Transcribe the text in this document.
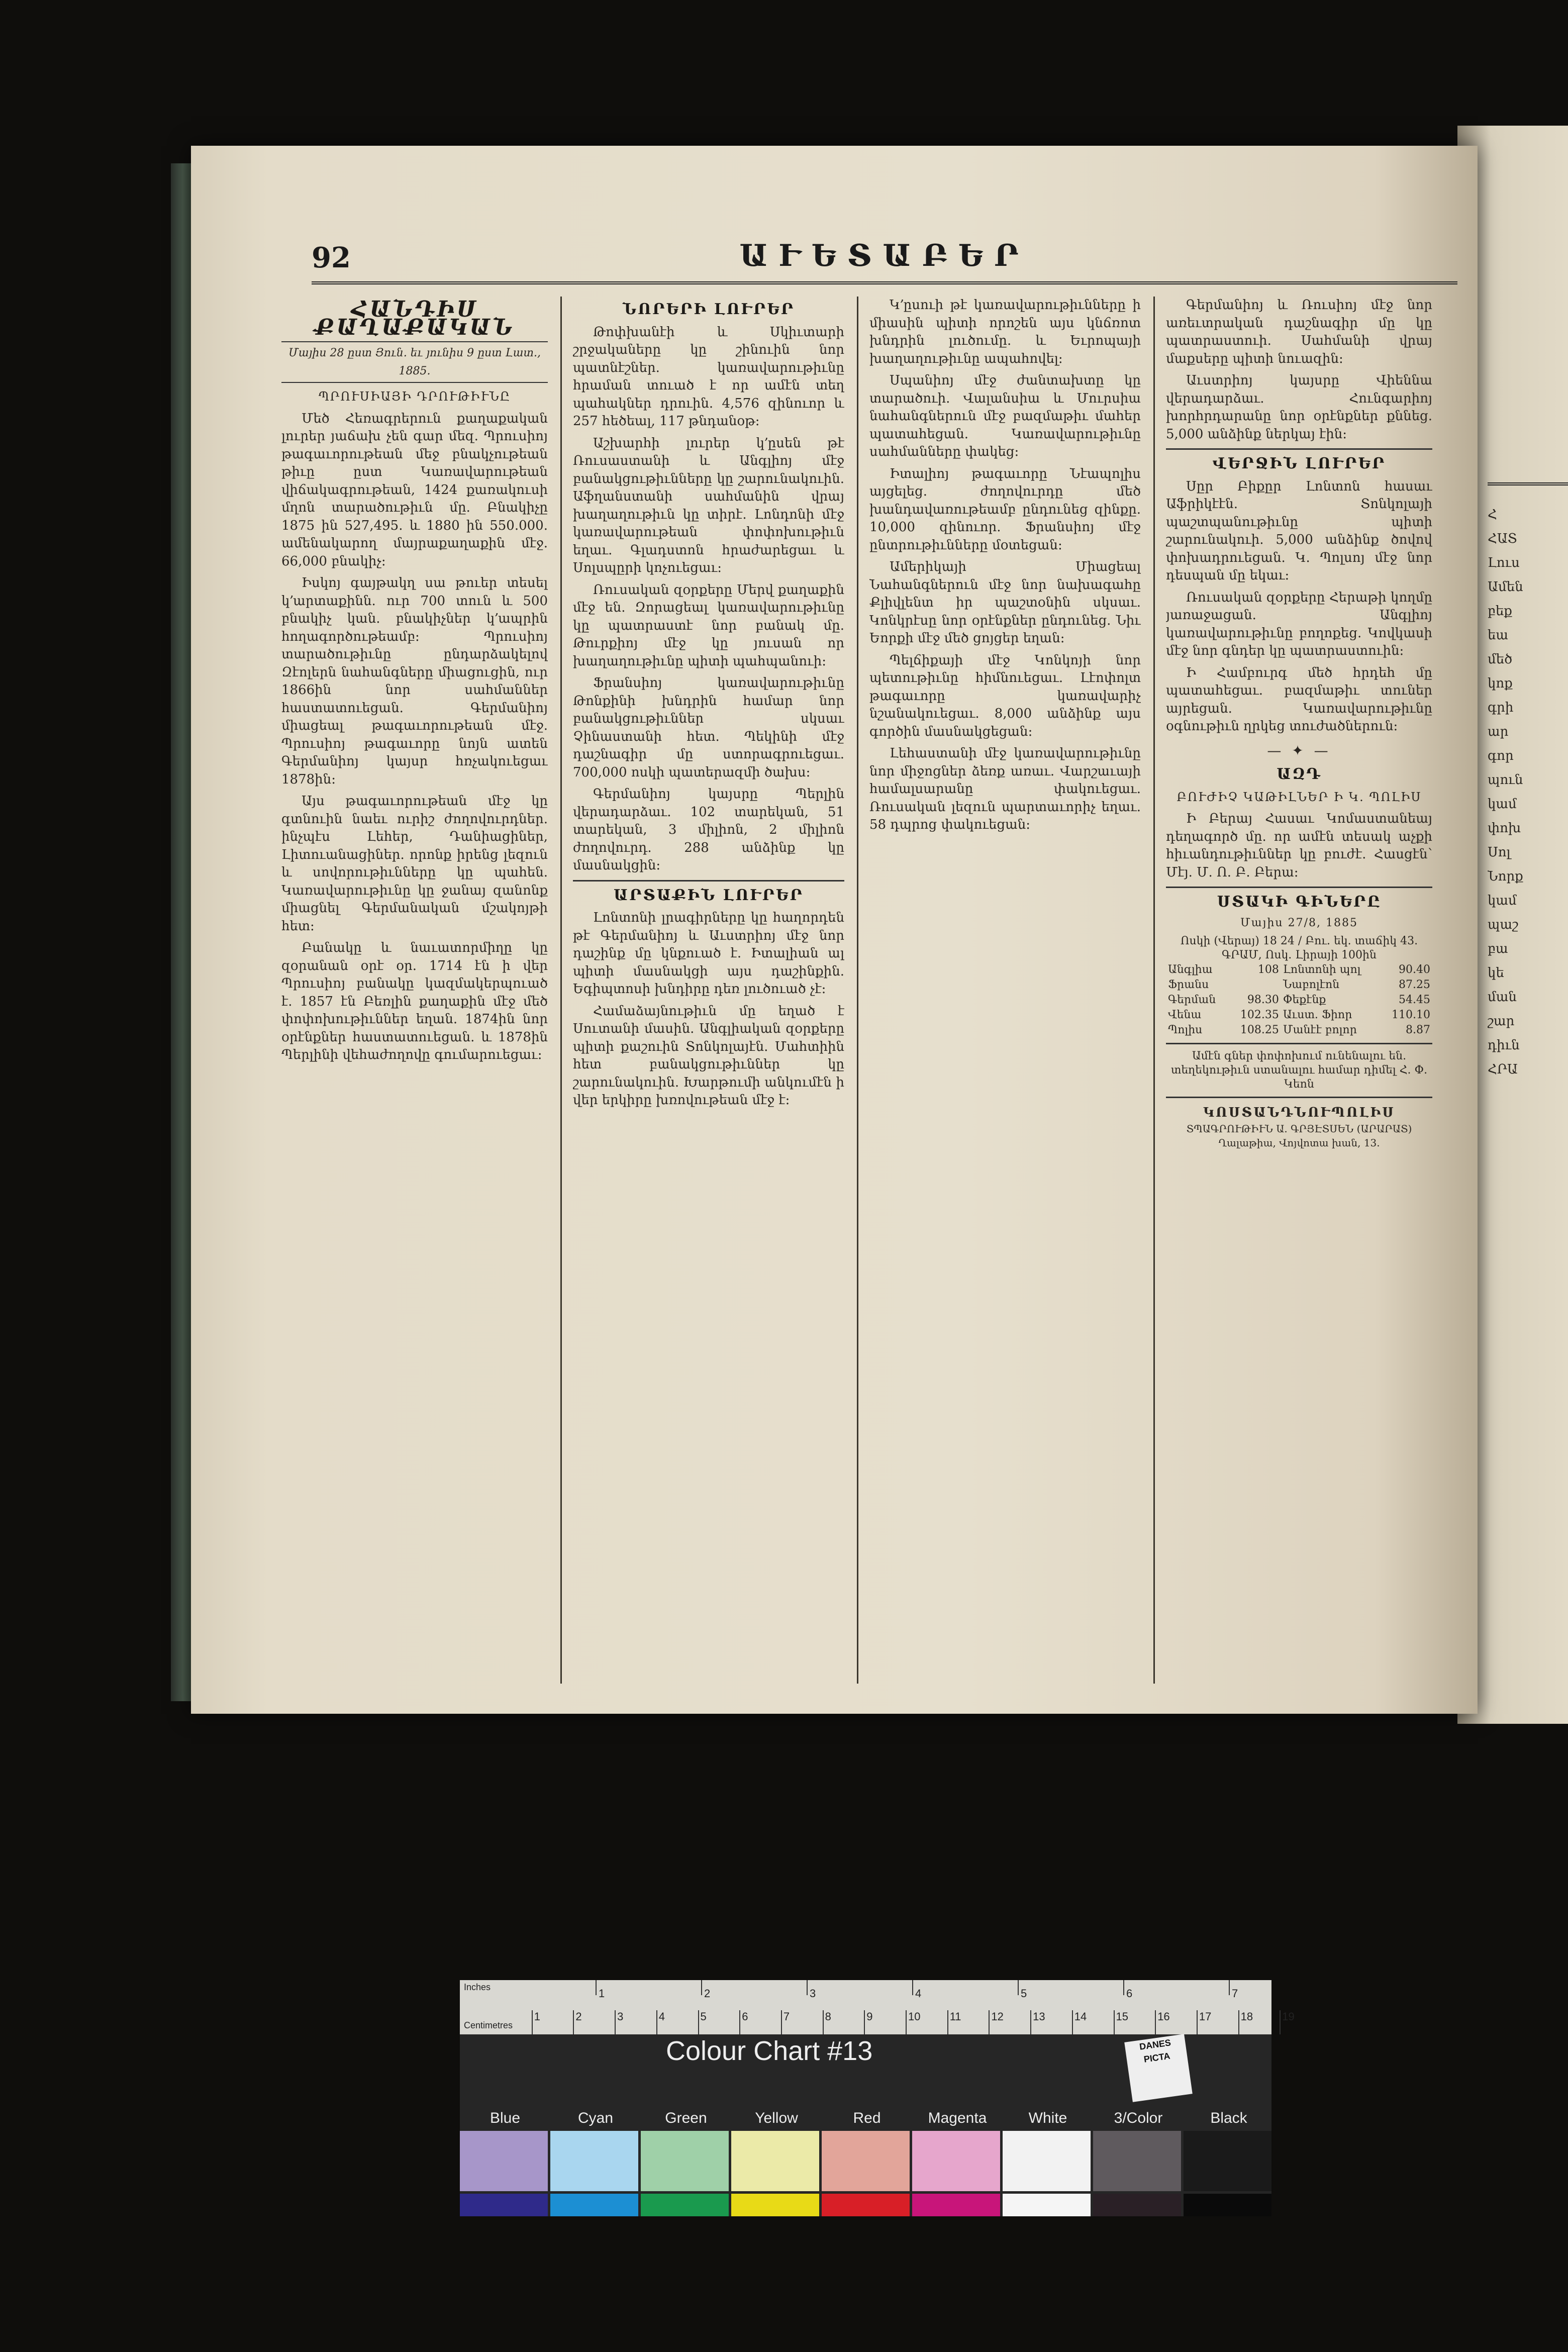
Հ
ՀԱՏ
Լուս
Ամեն
բեք
եա
մեծ
կոք
գրի
ար
գոր
պուն
կամ
փոխ
Սոլ
Նորք
կամ
պաշ
բա
կե
ման
շար
դիւն
ՀՐԱ
92	ԱՒԵՏԱԲԵՐ
ՀԱՆԴԻՍ ՔԱՂԱՔԱԿԱՆ
Մայիս 28 ըստ Յուն. եւ յունիս 9 ըստ Լատ., 1885.
ՊՐՈՒՍԻԱՅԻ ԴՐՈՒԹԻՒՆԸ

Մեծ Հեռագրերուն քաղաքական լուրեր յաճախ չեն գար մեզ. Պրուսիոյ թագաւորութեան մեջ բնակչութեան թիւը ըստ Կառավարութեան վիճակագրութեան, 1424 քառակուսի մղոն տարածութիւն մը. Բնակիչը 1875 ին 527,495. և 1880 ին 550.000. ամենակարող մայրաքաղաքին մէջ. 66,000 բնակիչ։

Իսկոյ գայթակղ սա թուեր տեսել կ՚արտաքինն. ուր 700 տուն և 500 բնակիչ կան. բնակիչներ կ՚ապրին հողագործութեամբ։ Պրուսիոյ տարածութիւնը ընդարձակելով Զէոլերն նահանգները միացուցին, ուր 1866ին նոր սահմաններ հաստատուեցան. Գերմանիոյ միացեալ թագաւորութեան մէջ. Պրուսիոյ թագաւորը նոյն ատեն Գերմանիոյ կայսր հռչակուեցաւ 1878ին։

Այս թագաւորութեան մէջ կը գտնուին նաեւ ուրիշ ժողովուրդներ. ինչպէս Լեհեր, Դանիացիներ, Լիտուանացիներ. որոնք իրենց լեզուն և սովորութիւնները կը պահեն. Կառավարութիւնը կը ջանայ զանոնք միացնել Գերմանական մշակոյթի հետ։

Բանակը և նաւատորմիղը կը զօրանան օրէ օր. 1714 էն ի վեր Պրուսիոյ բանակը կազմակերպուած է. 1857 էն Բեռլին քաղաքին մէջ մեծ փոփոխութիւններ եղան. 1874ին նոր օրէնքներ հաստատուեցան. և 1878ին Պերլինի վեհաժողովը գումարուեցաւ։

ՆՈՐԵՐԻ ԼՈՒՐԵՐ

Թոփխանէի և Սկիւտարի շրջակաները կը շինուին նոր պատնէշներ. կառավարութիւնը հրաման տուած է որ ամէն տեղ պահակներ դրուին. 4,576 զինուոր և 257 հեծեալ, 117 թնդանօթ։

Աշխարհի լուրեր կ՚ըսեն թէ Ռուսաստանի և Անգլիոյ մէջ բանակցութիւնները կը շարունակուին. Աֆղանստանի սահմանին վրայ խաղաղութիւն կը տիրէ. Լոնդոնի մէջ կառավարութեան փոփոխութիւն եղաւ. Գլադստոն հրաժարեցաւ և Սոլսպըրի կոչուեցաւ։

Ռուսական զօրքերը Մերվ քաղաքին մէջ են. Զորացեալ կառավարութիւնը կը պատրաստէ նոր բանակ մը. Թուրքիոյ մէջ կը յուսան որ խաղաղութիւնը պիտի պահպանուի։

Ֆրանսիոյ կառավարութիւնը Թոնքինի խնդրին համար նոր բանակցութիւններ սկսաւ Չինաստանի հետ. Պեկինի մէջ դաշնագիր մը ստորագրուեցաւ. 700,000 ոսկի պատերազմի ծախս։

Գերմանիոյ կայսրը Պերլին վերադարձաւ. 102 տարեկան, 51 տարեկան, 3 միլիոն, 2 միլիոն ժողովուրդ. 288 անձինք կը մասնակցին։

ԱՐՏԱՔԻՆ ԼՈՒՐԵՐ

Լոնտոնի լրագիրները կը հաղորդեն թէ Գերմանիոյ և Աւստրիոյ մէջ նոր դաշինք մը կնքուած է. Իտալիան ալ պիտի մասնակցի այս դաշինքին. Եգիպտոսի խնդիրը դեռ լուծուած չէ։

Համաձայնութիւն մը եղած է Սուտանի մասին. Անգլիական զօրքերը պիտի քաշուին Տոնկոլայէն. Մահտիին հետ բանակցութիւններ կը շարունակուին. Խարթումի անկումէն ի վեր երկիրը խռովութեան մէջ է։

Կ՚ըսուի թէ կառավարութիւնները ի միասին պիտի որոշեն այս կնճռոտ խնդրին լուծումը. և Եւրոպայի խաղաղութիւնը ապահովել։

Սպանիոյ մէջ ժանտախտը կը տարածուի. Վալանսիա և Մուրսիա նահանգներուն մէջ բազմաթիւ մահեր պատահեցան. Կառավարութիւնը սահմանները փակեց։

Իտալիոյ թագաւորը Նէապոլիս այցելեց. ժողովուրդը մեծ խանդավառութեամբ ընդունեց զինքը. 10,000 զինուոր. Ֆրանսիոյ մէջ ընտրութիւնները մօտեցան։

Ամերիկայի Միացեալ Նահանգներուն մէջ նոր նախագահը Քլիվլենտ իր պաշտօնին սկսաւ. Կոնկրէսը նոր օրէնքներ ընդունեց. Նիւ Եորքի մէջ մեծ ցոյցեր եղան։

Պելճիքայի մէջ Կոնկոյի նոր պետութիւնը հիմնուեցաւ. Լէոփոլտ թագաւորը կառավարիչ նշանակուեցաւ. 8,000 անձինք այս գործին մասնակցեցան։

Լեհաստանի մէջ կառավարութիւնը նոր միջոցներ ձեռք առաւ. Վարշաւայի համալսարանը փակուեցաւ. Ռուսական լեզուն պարտաւորիչ եղաւ. 58 դպրոց փակուեցան։

Գերմանիոյ և Ռուսիոյ մէջ նոր առեւտրական դաշնագիր մը կը պատրաստուի. Սահմանի վրայ մաքսերը պիտի նուազին։

Աւստրիոյ կայսրը Վիեննա վերադարձաւ. Հունգարիոյ խորհրդարանը նոր օրէնքներ քննեց. 5,000 անձինք ներկայ էին։

ՎԵՐՋԻՆ ԼՈՒՐԵՐ

Սըր Բիքըր Լոնտոն հասաւ Աֆրիկէէն. Տոնկոլայի պաշտպանութիւնը պիտի շարունակուի. 5,000 անձինք ծովով փոխադրուեցան. Կ. Պոլսոյ մէջ նոր դեսպան մը եկաւ։

Ռուսական զօրքերը Հերաթի կողմը յառաջացան. Անգլիոյ կառավարութիւնը բողոքեց. Կովկասի մէջ նոր գնդեր կը պատրաստուին։

Ի Համբուրգ մեծ հրդեհ մը պատահեցաւ. բազմաթիւ տուներ այրեցան. Կառավարութիւնը օգնութիւն ղրկեց տուժածներուն։

— ✦ —
ԱԶԴ
ԲՈՒԺԻՉ ԿԱԹԻԼՆԵՐ Ի Կ. ՊՈԼԻՍ

Ի Բերայ Հասաւ Կոմաստանեայ դեղագործ մը. որ ամէն տեսակ աչքի հիւանդութիւններ կը բուժէ. Հասցէն՝ Մէյ. Մ. Ո. Բ. Բերա։

ՍՏԱԿԻ ԳԻՆԵՐԸ
Մայիս 27/8, 1885
Ոսկի (Վերայ) 18 24 / Բու. եկ. տաճիկ 43.
ԳՐԱՄ, Ոսկ. Լիրայի 100ին
Անգլիա	108	Լոնտոնի պոլ	90.40
Ֆրանս		Նաբոլէոն	87.25
Գերման	98.30	Փեքէնք	54.45
Վենա	102.35	Աւստ. Ֆիոր	110.10
Պոլիս	108.25	Մանէէ բոլոր	8.87
Ամէն գներ փոփոխում ունենալու են. տեղեկութիւն ստանալու համար դիմել Հ. Փ. Կեոն
ԿՈՍՏԱՆԴՆՈՒՊՈԼԻՍ
ՏՊԱԳՐՈՒԹԻՒՆ Ա. ԳՐՅԷՏՍԵՆ (ԱՐԱՐԱՏ)
Ղալաթիա, Վոյվոտա խան, 13.
Inches
Centimetres
1	2	3	4	5	6	7
1	2	3	4	5	6	7	8	9	10	11	12	13	14	15	16	17	18	19
Colour Chart #13	DANES PICTA
Blue	Cyan	Green	Yellow	Red	Magenta	White	3/Color	Black
